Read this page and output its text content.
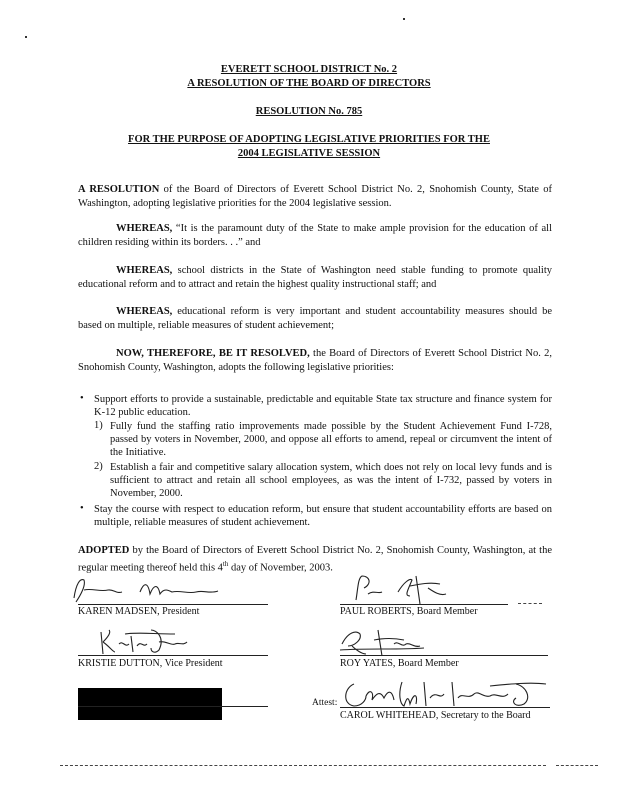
EVERETT SCHOOL DISTRICT No. 2
A RESOLUTION OF THE BOARD OF DIRECTORS
RESOLUTION No. 785
FOR THE PURPOSE OF ADOPTING LEGISLATIVE PRIORITIES FOR THE
2004 LEGISLATIVE SESSION
A RESOLUTION of the Board of Directors of Everett School District No. 2, Snohomish County, State of Washington, adopting legislative priorities for the 2004 legislative session.
WHEREAS, “It is the paramount duty of the State to make ample provision for the education of all children residing within its borders. . .” and
WHEREAS, school districts in the State of Washington need stable funding to promote quality educational reform and to attract and retain the highest quality instructional staff; and
WHEREAS, educational reform is very important and student accountability measures should be based on multiple, reliable measures of student achievement;
NOW, THEREFORE, BE IT RESOLVED, the Board of Directors of Everett School District No. 2, Snohomish County, Washington, adopts the following legislative priorities:
• Support efforts to provide a sustainable, predictable and equitable State tax structure and finance system for K-12 public education.
1) Fully fund the staffing ratio improvements made possible by the Student Achievement Fund I-728, passed by voters in November, 2000, and oppose all efforts to amend, repeal or circumvent the intent of the Initiative.
2) Establish a fair and competitive salary allocation system, which does not rely on local levy funds and is sufficient to attract and retain all school employees, as was the intent of I-732, passed by voters in November, 2000.
• Stay the course with respect to education reform, but ensure that student accountability efforts are based on multiple, reliable measures of student achievement.
ADOPTED by the Board of Directors of Everett School District No. 2, Snohomish County, Washington, at the regular meeting thereof held this 4th day of November, 2003.
KAREN MADSEN, President	PAUL ROBERTS, Board Member
KRISTIE DUTTON, Vice President	ROY YATES, Board Member
Attest:
CAROL WHITEHEAD, Secretary to the Board
